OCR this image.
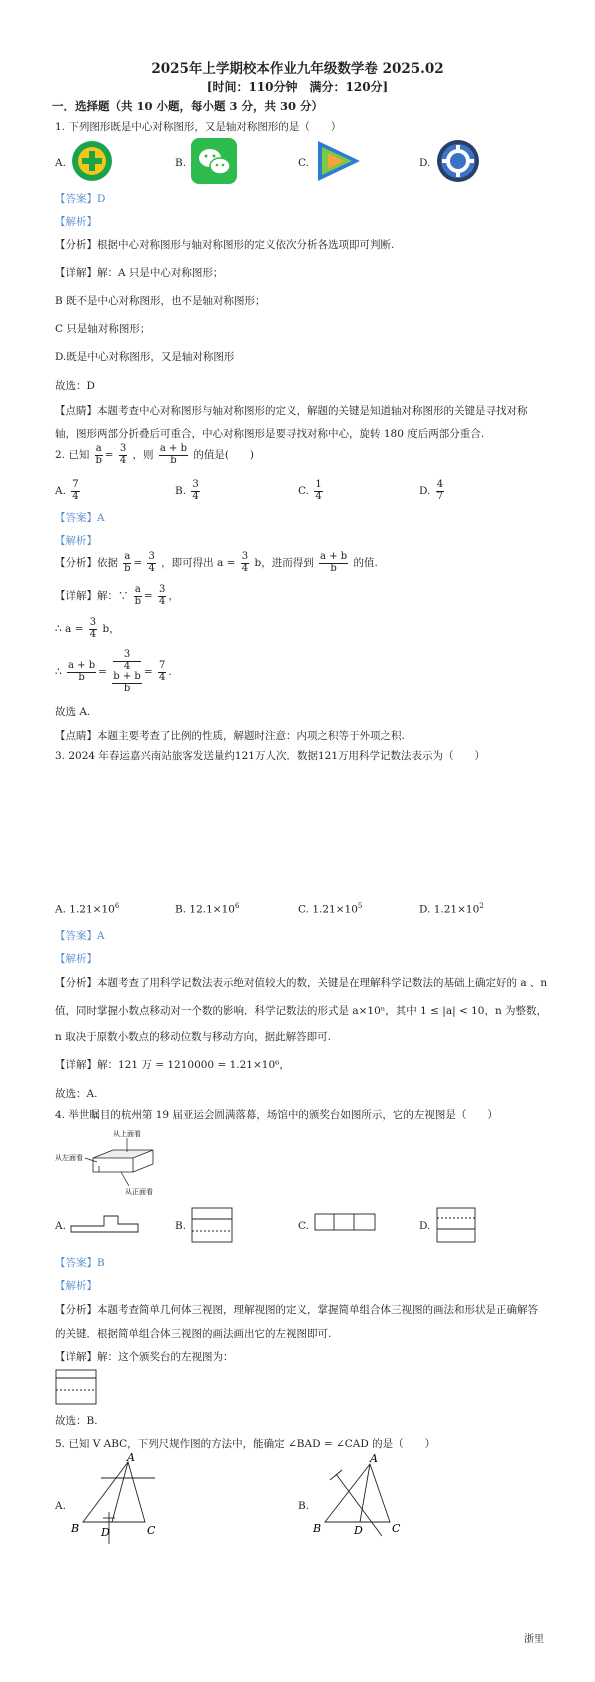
2025年上学期校本作业九年级数学卷 2025.02
[时间：110分钟　满分：120分]
一．选择题（共 10 小题，每小题 3 分，共 30 分）
1. 下列图形既是中心对称图形，又是轴对称图形的是（　　）
A.	B.	C.	D.
【答案】D
【解析】
【分析】根据中心对称图形与轴对称图形的定义依次分析各选项即可判断.
【详解】解：A 只是中心对称图形；
B 既不是中心对称图形，也不是轴对称图形；
C 只是轴对称图形；
D.既是中心对称图形，又是轴对称图形
故选：D
【点睛】本题考查中心对称图形与轴对称图形的定义，解题的关键是知道轴对称图形的关键是寻找对称
轴，图形两部分折叠后可重合，中心对称图形是要寻找对称中心，旋转 180 度后两部分重合.
2. 已知 $\frac{a}{b} = \frac{3}{4}$ ，则 $\frac{a + b}{b}$ 的值是(　　)
A. $\frac{7}{4}$	B. $\frac{3}{4}$	C. $\frac{1}{4}$	D. $\frac{4}{7}$
【答案】A
【解析】
【分析】依据 $\frac{a}{b} = \frac{3}{4}$ ，即可得出 $a = \frac{3}{4}$ b，进而得到 $\frac{a + b}{b}$ 的值.
【详解】解：∵ $\frac{a}{b} = \frac{3}{4}$ ，
∴ $a = \frac{3}{4}$ b，
∴ $\frac{a + b}{b} = 3$
4
b + b
$b = \frac{7}{4}$ .
故选 A.
【点睛】本题主要考查了比例的性质，解题时注意：内项之积等于外项之积.
3. 2024 年春运嘉兴南站旅客发送量约121万人次．数据121万用科学记数法表示为（　　）
A. $1.21\times 10^6$	B. $12.1\times 10^6$	C. $1.21\times 10^5$	D. $1.21\times 10^2$
【答案】A
【解析】
【分析】本题考查了用科学记数法表示绝对值较大的数，关键是在理解科学记数法的基础上确定好的 a 、n
值，同时掌握小数点移动对一个数的影响．科学记数法的形式是 a×10ⁿ，其中 1 ≤ |a| < 10，n 为整数，
n 取决于原数小数点的移动位数与移动方向，据此解答即可.
【详解】解：121 万 = 1210000 = 1.21×10⁶，
故选：A.
4. 举世瞩目的杭州第 19 届亚运会圆满落幕，场馆中的颁奖台如图所示，它的左视图是（　　）
从上面看
从左面看
从正面看
A.	B.	C.	D.
【答案】B
【解析】
【分析】本题考查简单几何体三视图，理解视图的定义，掌握简单组合体三视图的画法和形状是正确解答
的关键．根据简单组合体三视图的画法画出它的左视图即可.
【详解】解：这个颁奖台的左视图为：
故选：B.
5. 已知 V ABC，下列尺规作图的方法中，能确定 ∠BAD = ∠CAD 的是（　　）
A.
A
B	C
D
B.
A
B	C
D
浙里
